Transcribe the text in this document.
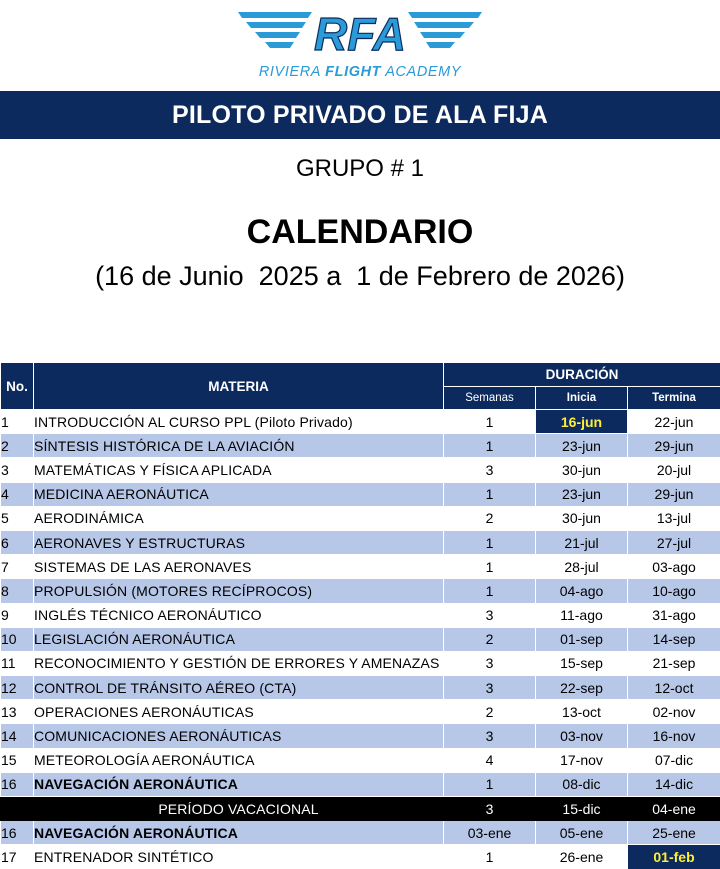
RFA
RIVIERA FLIGHT ACADEMY
PILOTO PRIVADO DE ALA FIJA
GRUPO # 1
CALENDARIO
(16 de Junio  2025 a  1 de Febrero de 2026)
No.	MATERIA	DURACIÓN		
		Semanas	Inicia	Termina
1	INTRODUCCIÓN AL CURSO PPL (Piloto Privado)	1	16-jun	22-jun
2	SÍNTESIS HISTÓRICA DE LA AVIACIÓN	1	23-jun	29-jun
3	MATEMÁTICAS Y FÍSICA APLICADA	3	30-jun	20-jul
4	MEDICINA AERONÁUTICA	1	23-jun	29-jun
5	AERODINÁMICA	2	30-jun	13-jul
6	AERONAVES Y ESTRUCTURAS	1	21-jul	27-jul
7	SISTEMAS DE LAS AERONAVES	1	28-jul	03-ago
8	PROPULSIÓN (MOTORES RECÍPROCOS)	1	04-ago	10-ago
9	INGLÉS TÉCNICO AERONÁUTICO	3	11-ago	31-ago
10	LEGISLACIÓN AERONÁUTICA	2	01-sep	14-sep
11	RECONOCIMIENTO Y GESTIÓN DE ERRORES Y AMENAZAS	3	15-sep	21-sep
12	CONTROL DE TRÁNSITO AÉREO (CTA)	3	22-sep	12-oct
13	OPERACIONES AERONÁUTICAS	2	13-oct	02-nov
14	COMUNICACIONES AERONÁUTICAS	3	03-nov	16-nov
15	METEOROLOGÍA AERONÁUTICA	4	17-nov	07-dic
16	NAVEGACIÓN AERONÁUTICA	1	08-dic	14-dic
	PERÍODO VACACIONAL	3	15-dic	04-ene
16	NAVEGACIÓN AERONÁUTICA	03-ene	05-ene	25-ene
17	ENTRENADOR SINTÉTICO	1	26-ene	01-feb
